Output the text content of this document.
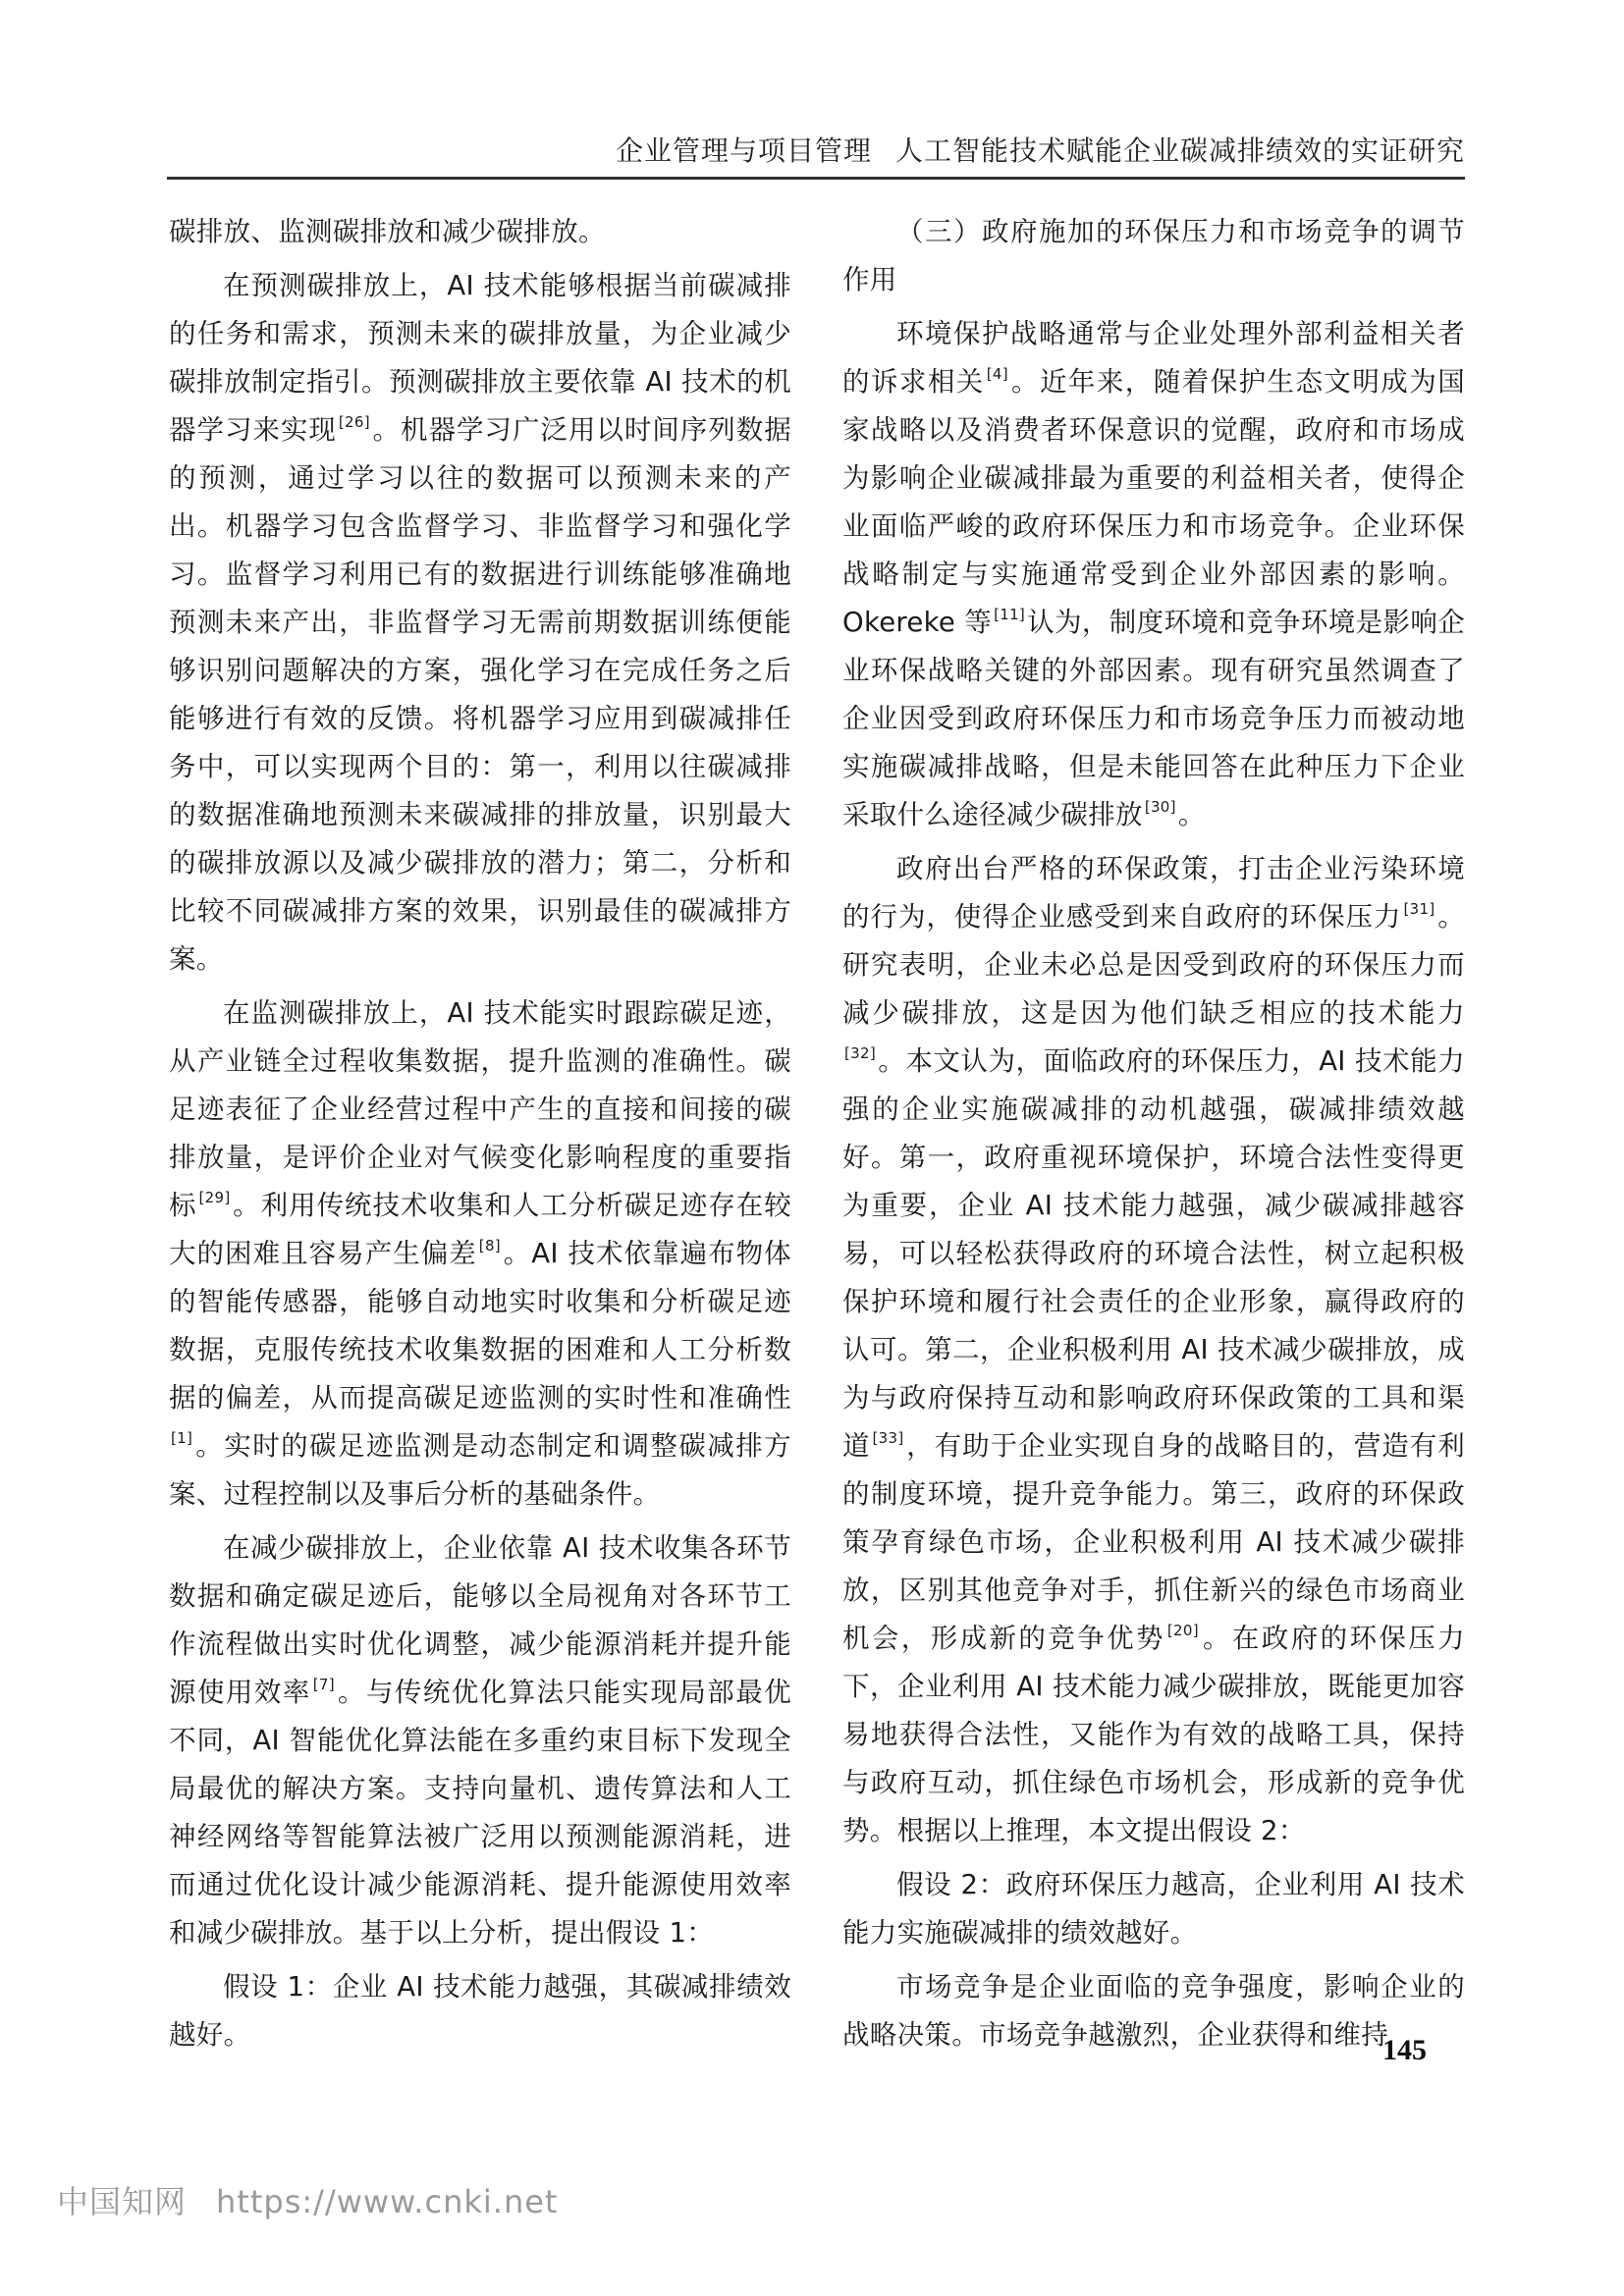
企业管理与项目管理 人工智能技术赋能企业碳减排绩效的实证研究

碳排放、监测碳排放和减少碳排放。

在预测碳排放上，AI 技术能够根据当前碳减排的任务和需求，预测未来的碳排放量，为企业减少碳排放制定指引。预测碳排放主要依靠 AI 技术的机器学习来实现 [26]。机器学习广泛用以时间序列数据的预测，通过学习以往的数据可以预测未来的产出。机器学习包含监督学习、非监督学习和强化学习。监督学习利用已有的数据进行训练能够准确地预测未来产出，非监督学习无需前期数据训练便能够识别问题解决的方案，强化学习在完成任务之后能够进行有效的反馈。将机器学习应用到碳减排任务中，可以实现两个目的：第一，利用以往碳减排的数据准确地预测未来碳减排的排放量，识别最大的碳排放源以及减少碳排放的潜力；第二，分析和比较不同碳减排方案的效果，识别最佳的碳减排方案。

在监测碳排放上，AI 技术能实时跟踪碳足迹，从产业链全过程收集数据，提升监测的准确性。碳足迹表征了企业经营过程中产生的直接和间接的碳排放量，是评价企业对气候变化影响程度的重要指标 [29]。利用传统技术收集和人工分析碳足迹存在较大的困难且容易产生偏差 [8]。AI 技术依靠遍布物体的智能传感器，能够自动地实时收集和分析碳足迹数据，克服传统技术收集数据的困难和人工分析数据的偏差，从而提高碳足迹监测的实时性和准确性[1]。实时的碳足迹监测是动态制定和调整碳减排方案、过程控制以及事后分析的基础条件。

在减少碳排放上，企业依靠 AI 技术收集各环节数据和确定碳足迹后，能够以全局视角对各环节工作流程做出实时优化调整，减少能源消耗并提升能源使用效率 [7]。与传统优化算法只能实现局部最优不同，AI 智能优化算法能在多重约束目标下发现全局最优的解决方案。支持向量机、遗传算法和人工神经网络等智能算法被广泛用以预测能源消耗，进而通过优化设计减少能源消耗、提升能源使用效率和减少碳排放。基于以上分析，提出假设 1：

假设 1：企业 AI 技术能力越强，其碳减排绩效越好。

（三）政府施加的环保压力和市场竞争的调节作用

环境保护战略通常与企业处理外部利益相关者的诉求相关 [4]。近年来，随着保护生态文明成为国家战略以及消费者环保意识的觉醒，政府和市场成为影响企业碳减排最为重要的利益相关者，使得企业面临严峻的政府环保压力和市场竞争。企业环保战略制定与实施通常受到企业外部因素的影响。Okereke 等 [11]认为，制度环境和竞争环境是影响企业环保战略关键的外部因素。现有研究虽然调查了企业因受到政府环保压力和市场竞争压力而被动地实施碳减排战略，但是未能回答在此种压力下企业采取什么途径减少碳排放 [30]。

政府出台严格的环保政策，打击企业污染环境的行为，使得企业感受到来自政府的环保压力 [31]。研究表明，企业未必总是因受到政府的环保压力而减少碳排放，这是因为他们缺乏相应的技术能力[32]。本文认为，面临政府的环保压力，AI 技术能力强的企业实施碳减排的动机越强，碳减排绩效越好。第一，政府重视环境保护，环境合法性变得更为重要，企业 AI 技术能力越强，减少碳减排越容易，可以轻松获得政府的环境合法性，树立起积极保护环境和履行社会责任的企业形象，赢得政府的认可。第二，企业积极利用 AI 技术减少碳排放，成为与政府保持互动和影响政府环保政策的工具和渠道 [33]，有助于企业实现自身的战略目的，营造有利的制度环境，提升竞争能力。第三，政府的环保政策孕育绿色市场，企业积极利用 AI 技术减少碳排放，区别其他竞争对手，抓住新兴的绿色市场商业机会，形成新的竞争优势 [20]。在政府的环保压力下，企业利用 AI 技术能力减少碳排放，既能更加容易地获得合法性，又能作为有效的战略工具，保持与政府互动，抓住绿色市场机会，形成新的竞争优势。根据以上推理，本文提出假设 2：

假设 2：政府环保压力越高，企业利用 AI 技术能力实施碳减排的绩效越好。

市场竞争是企业面临的竞争强度，影响企业的战略决策。市场竞争越激烈，企业获得和维持

145
中国知网 https://www.cnki.net
